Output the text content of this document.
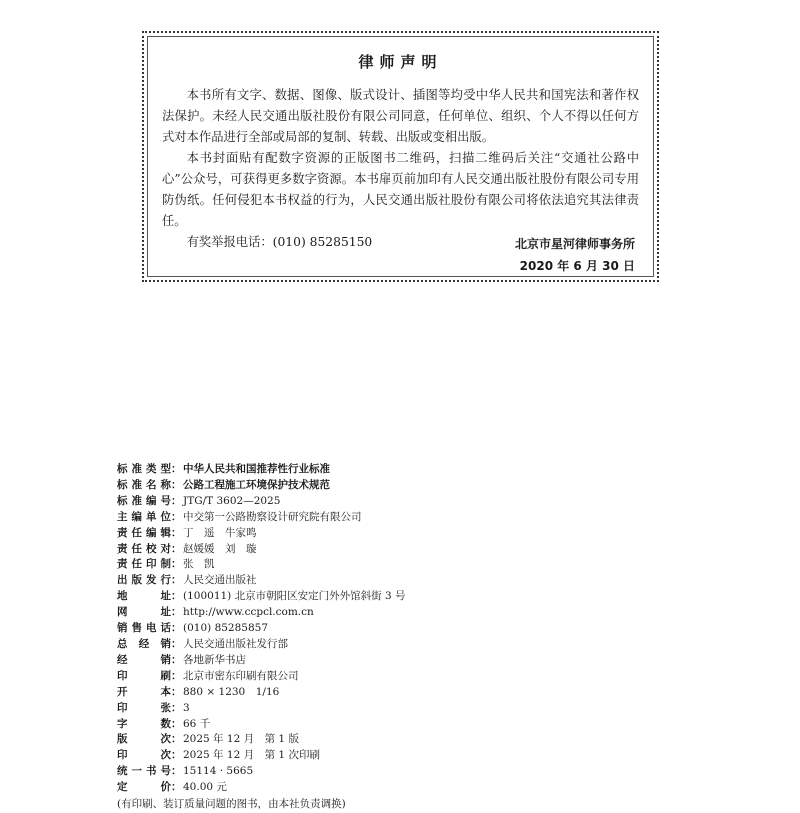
律师声明

本书所有文字、数据、图像、版式设计、插图等均受中华人民共和国宪法和著作权法保护。未经人民交通出版社股份有限公司同意，任何单位、组织、个人不得以任何方式对本作品进行全部或局部的复制、转载、出版或变相出版。

本书封面贴有配数字资源的正版图书二维码，扫描二维码后关注“交通社公路中心”公众号，可获得更多数字资源。本书扉页前加印有人民交通出版社股份有限公司专用防伪纸。任何侵犯本书权益的行为，人民交通出版社股份有限公司将依法追究其法律责任。

有奖举报电话：(010) 85285150	北京市星河律师事务所
2020 年 6 月 30 日
标准类型 ： 中华人民共和国推荐性行业标准
标准名称 ： 公路工程施工环境保护技术规范
标准编号 ： JTG/T 3602—2025
主编单位 ： 中交第一公路勘察设计研究院有限公司
责任编辑 ： 丁　遥　牛家鸣
责任校对 ： 赵媛媛　刘　璇
责任印制 ： 张　凯
出版发行 ： 人民交通出版社
地址 ： (100011) 北京市朝阳区安定门外外馆斜街 3 号
网址 ： http://www.ccpcl.com.cn
销售电话 ： (010) 85285857
总经销 ： 人民交通出版社发行部
经销 ： 各地新华书店
印刷 ： 北京市密东印刷有限公司
开本 ： 880 × 1230　1/16
印张 ： 3
字数 ： 66 千
版次 ： 2025 年 12 月　第 1 版
印次 ： 2025 年 12 月　第 1 次印刷
统一书号 ： 15114 · 5665
定价 ： 40.00 元
(有印刷、装订质量问题的图书，由本社负责调换)
